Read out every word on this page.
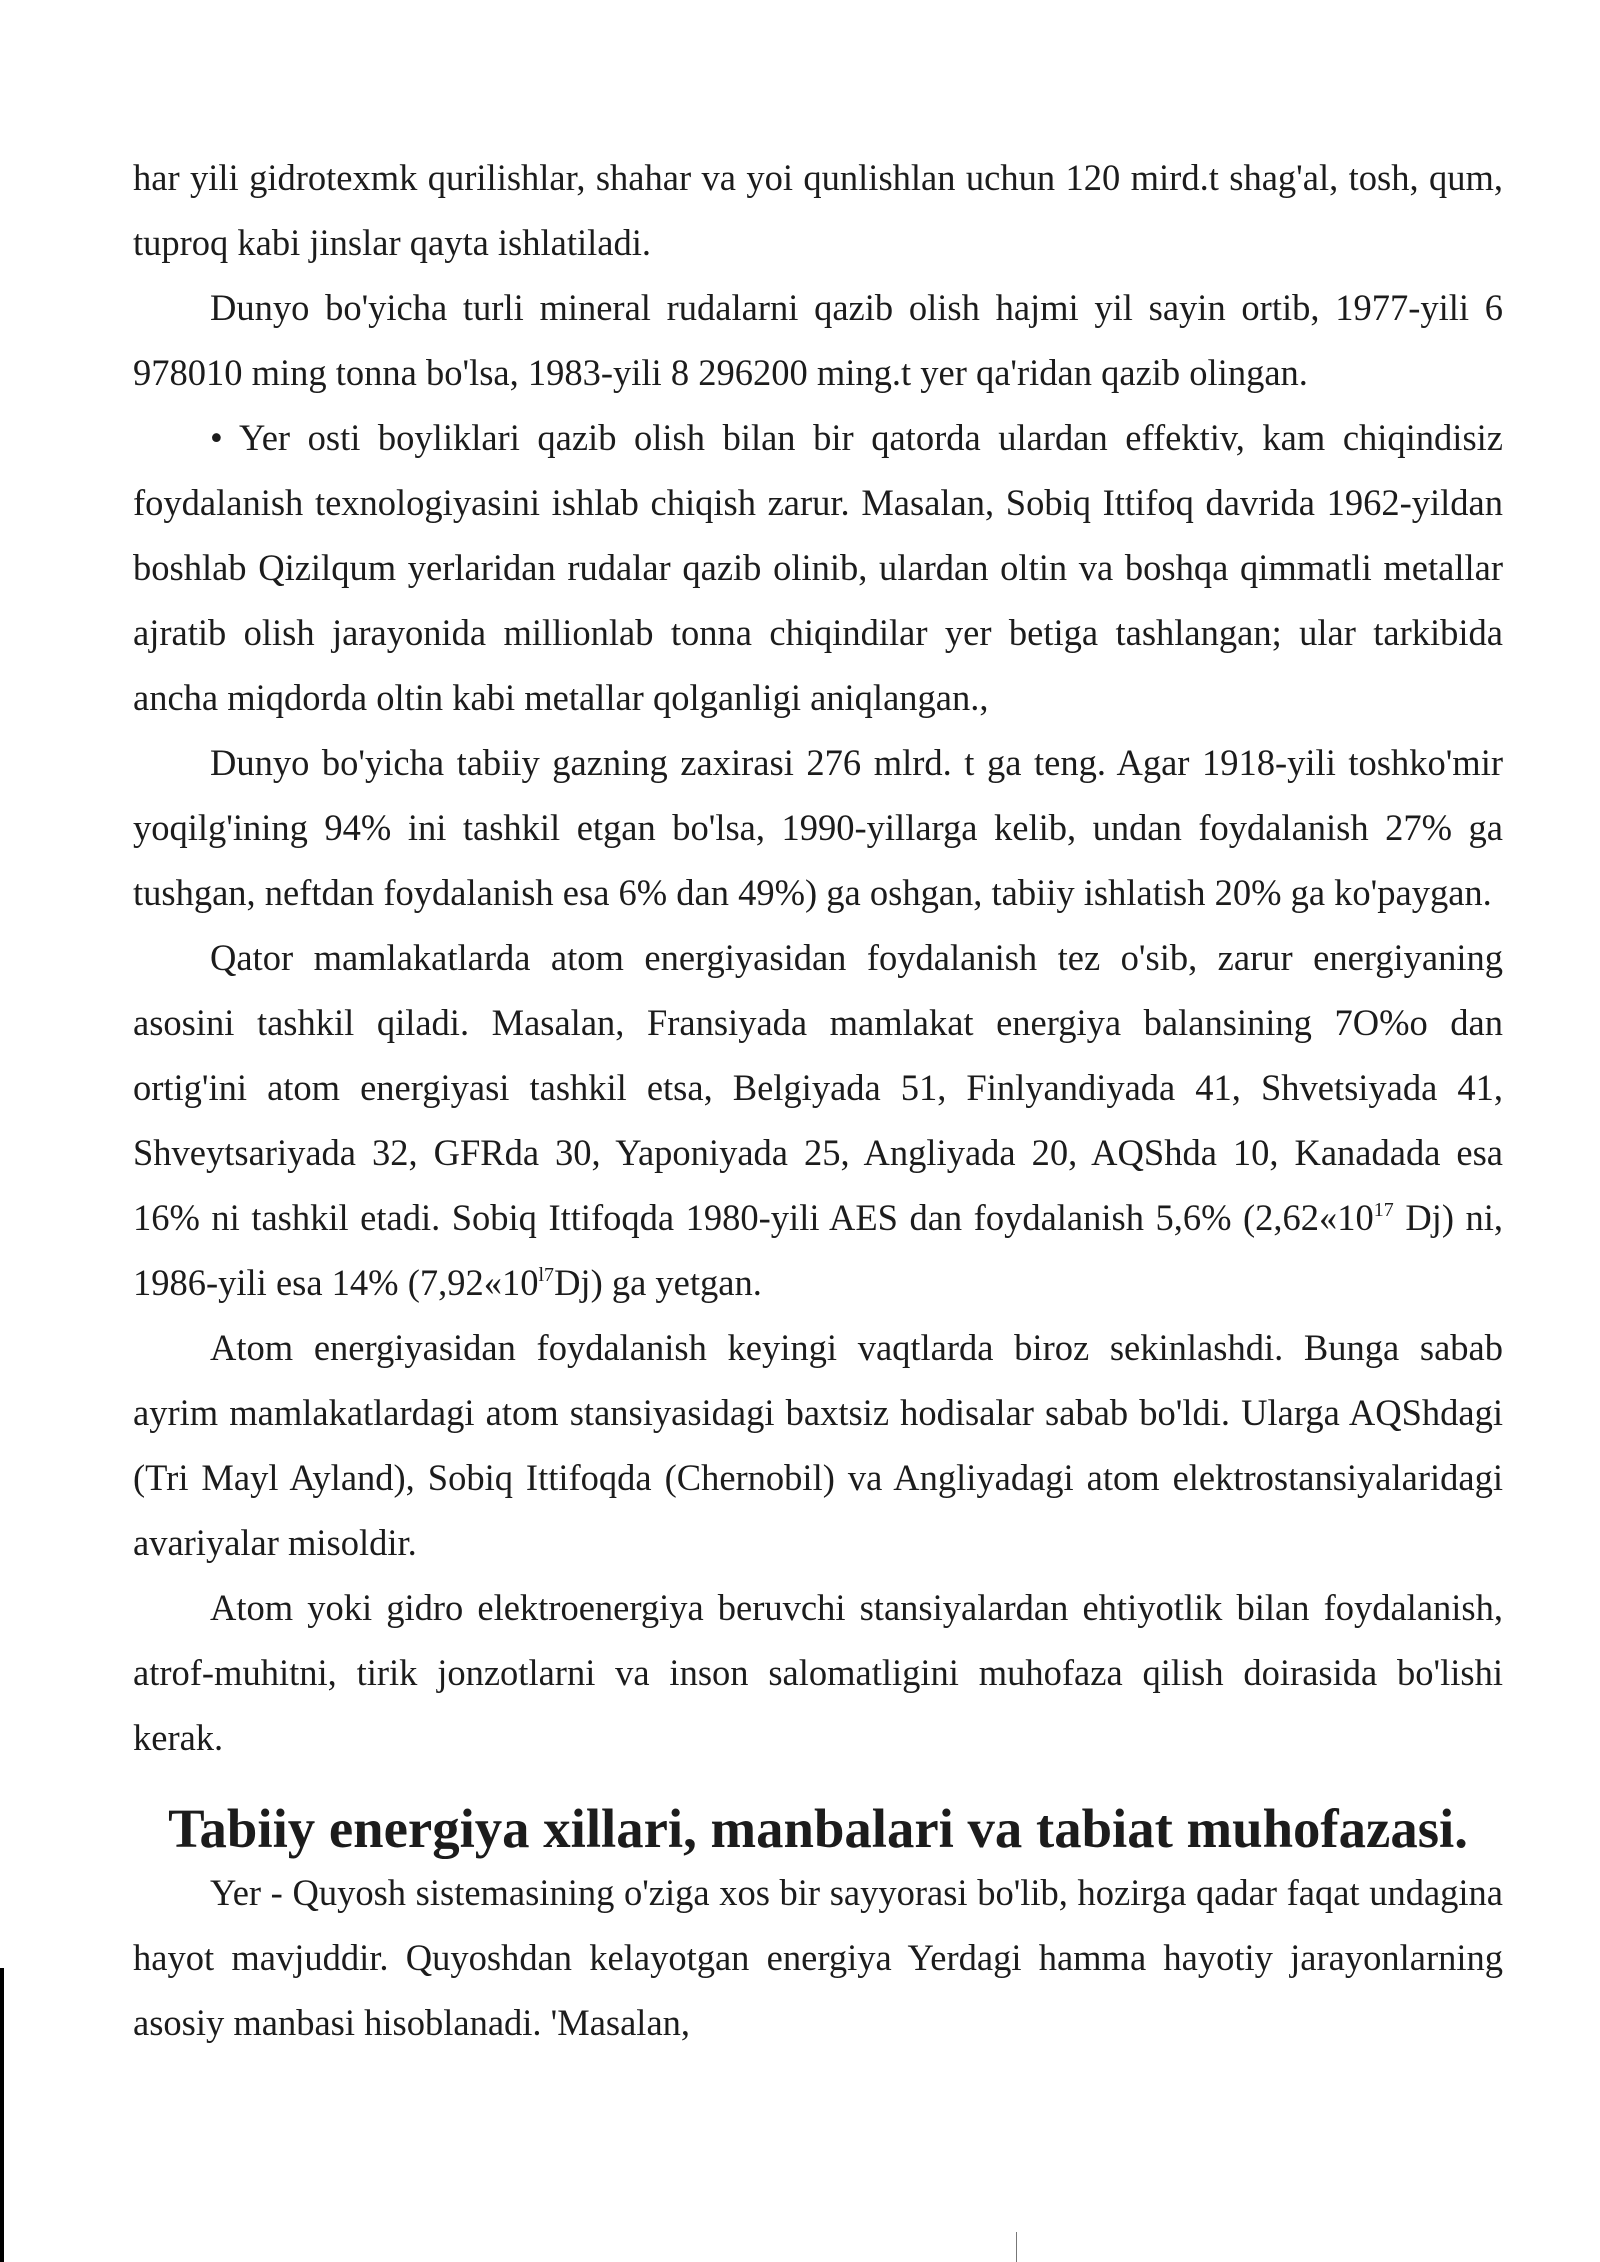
har yili gidrotexmk qurilishlar, shahar va yoi qunlishlan uchun 120 mird.t shag'al, tosh, qum, tuproq kabi jinslar qayta ishlatiladi.

Dunyo bo'yicha turli mineral rudalarni qazib olish hajmi yil sayin ortib, 1977-yili 6 978010 ming tonna bo'lsa, 1983-yili 8 296200 ming.t yer qa'ridan qazib olingan.

• Yer osti boyliklari qazib olish bilan bir qatorda ulardan effektiv, kam chiqindisiz foydalanish texnologiyasini ishlab chiqish zarur. Masalan, Sobiq Ittifoq davrida 1962-yildan boshlab Qizilqum yerlaridan rudalar qazib olinib, ulardan oltin va boshqa qimmatli metallar ajratib olish jarayonida millionlab tonna chiqindilar yer betiga tashlangan; ular tarkibida ancha miqdorda oltin kabi metallar qolganligi aniqlangan.,

Dunyo bo'yicha tabiiy gazning zaxirasi 276 mlrd. t ga teng. Agar 1918-yili toshko'mir yoqilg'ining 94% ini tashkil etgan bo'lsa, 1990-yillarga kelib, undan foydalanish 27% ga tushgan, neftdan foydalanish esa 6% dan 49%) ga oshgan, tabiiy ishlatish 20% ga ko'paygan.

Qator mamlakatlarda atom energiyasidan foydalanish tez o'sib, zarur energiyaning asosini tashkil qiladi. Masalan, Fransiyada mamlakat energiya balansining 7O%o dan ortig'ini atom energiyasi tashkil etsa, Belgiyada 51, Finlyandiyada 41, Shvetsiyada 41, Shveytsariyada 32, GFRda 30, Yaponiyada 25, Angliyada 20, AQShda 10, Kanadada esa 16% ni tashkil etadi. Sobiq Ittifoqda 1980-yili AES dan foydalanish 5,6% ($2,62«10^{17}$ Dj) ni, 1986-yili esa 14% $(7,92«10^{l7}Dj)$ ga yetgan.

Atom energiyasidan foydalanish keyingi vaqtlarda biroz sekinlashdi. Bunga sabab ayrim mamlakatlardagi atom stansiyasidagi baxtsiz hodisalar sabab bo'ldi. Ularga AQShdagi (Tri Mayl Ayland), Sobiq Ittifoqda (Chernobil) va Angliyadagi atom elektrostansiyalaridagi avariyalar misoldir.

Atom yoki gidro elektroenergiya beruvchi stansiyalardan ehtiyotlik bilan foydalanish, atrof-muhitni, tirik jonzotlarni va inson salomatligini muhofaza qilish doirasida bo'lishi kerak.

Tabiiy energiya xillari, manbalari va tabiat muhofazasi.

Yer - Quyosh sistemasining o'ziga xos bir sayyorasi bo'lib, hozirga qadar faqat undagina hayot mavjuddir. Quyoshdan kelayotgan energiya Yerdagi hamma hayotiy jarayonlarning asosiy manbasi hisoblanadi. 'Masalan,
